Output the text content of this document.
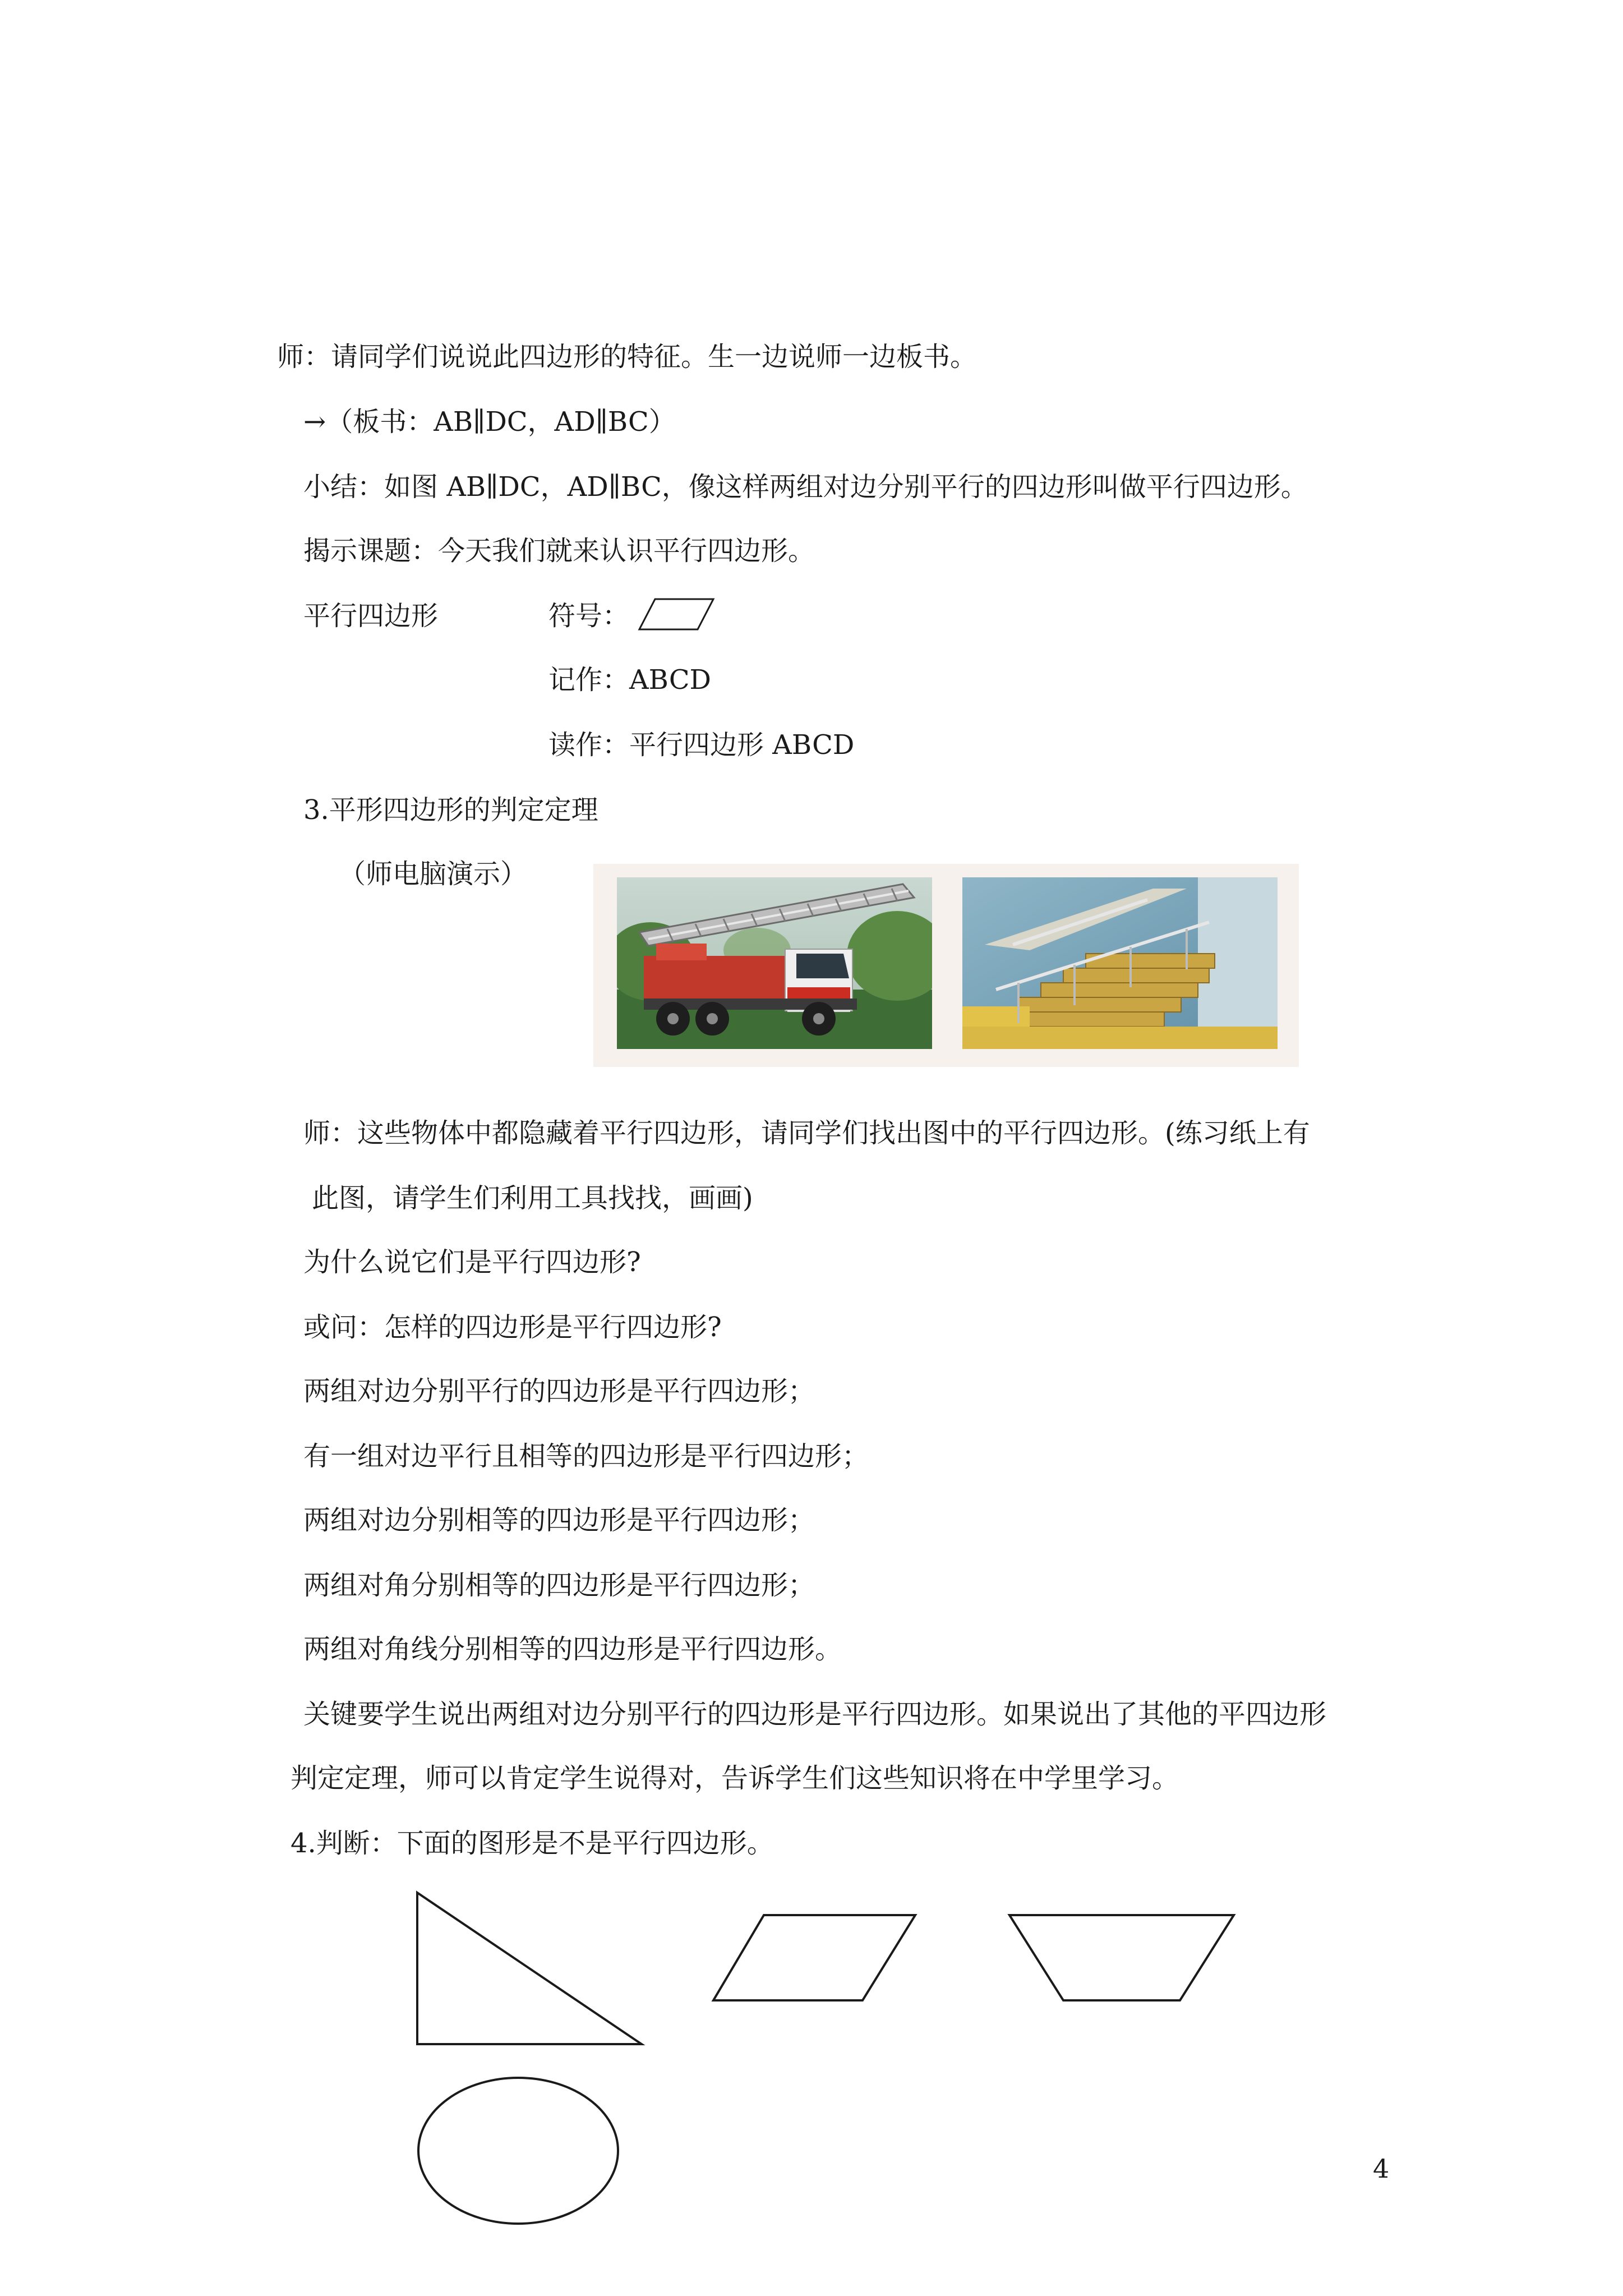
师：请同学们说说此四边形的特征。生一边说师一边板书。
→（板书：AB∥DC，AD∥BC）
小结：如图 AB∥DC，AD∥BC，像这样两组对边分别平行的四边形叫做平行四边形。
揭示课题：今天我们就来认识平行四边形。
平行四边形	符号：
记作：ABCD
读作：平行四边形 ABCD
3.平形四边形的判定定理
（师电脑演示）
师：这些物体中都隐藏着平行四边形，请同学们找出图中的平行四边形。(练习纸上有
此图，请学生们利用工具找找，画画)
为什么说它们是平行四边形?
或问：怎样的四边形是平行四边形?
两组对边分别平行的四边形是平行四边形；
有一组对边平行且相等的四边形是平行四边形；
两组对边分别相等的四边形是平行四边形；
两组对角分别相等的四边形是平行四边形；
两组对角线分别相等的四边形是平行四边形。
关键要学生说出两组对边分别平行的四边形是平行四边形。如果说出了其他的平四边形
判定定理，师可以肯定学生说得对，告诉学生们这些知识将在中学里学习。
4.判断：下面的图形是不是平行四边形。
4
